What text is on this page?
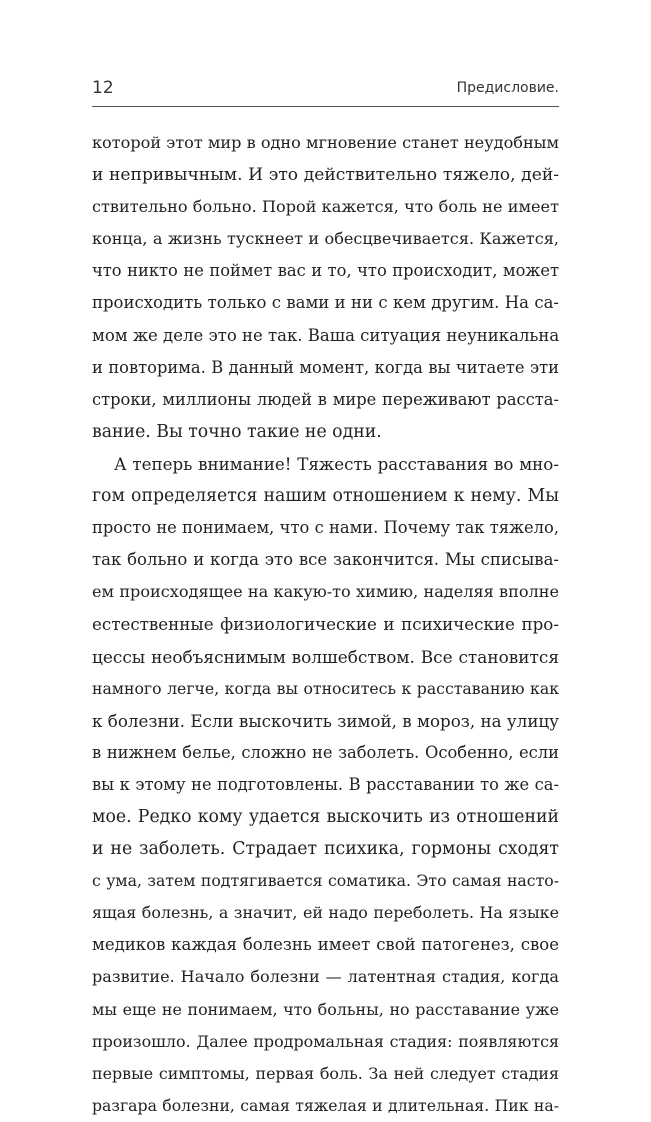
12	Предисловие.
которой этот мир в одно мгновение станет неудобным
и непривычным. И это действительно тяжело, дей-
ствительно больно. Порой кажется, что боль не имеет
конца, а жизнь тускнеет и обесцвечивается. Кажется,
что никто не поймет вас и то, что происходит, может
происходить только с вами и ни с кем другим. На са-
мом же деле это не так. Ваша ситуация неуникальна
и повторима. В данный момент, когда вы читаете эти
строки, миллионы людей в мире переживают расста-
вание. Вы точно такие не одни.
А теперь внимание! Тяжесть расставания во мно-
гом определяется нашим отношением к нему. Мы
просто не понимаем, что с нами. Почему так тяжело,
так больно и когда это все закончится. Мы списыва-
ем происходящее на какую-то химию, наделяя вполне
естественные физиологические и психические про-
цессы необъяснимым волшебством. Все становится
намного легче, когда вы относитесь к расставанию как
к болезни. Если выскочить зимой, в мороз, на улицу
в нижнем белье, сложно не заболеть. Особенно, если
вы к этому не подготовлены. В расставании то же са-
мое. Редко кому удается выскочить из отношений
и не заболеть. Страдает психика, гормоны сходят
с ума, затем подтягивается соматика. Это самая насто-
ящая болезнь, а значит, ей надо переболеть. На языке
медиков каждая болезнь имеет свой патогенез, свое
развитие. Начало болезни — латентная стадия, когда
мы еще не понимаем, что больны, но расставание уже
произошло. Далее продромальная стадия: появляются
первые симптомы, первая боль. За ней следует стадия
разгара болезни, самая тяжелая и длительная. Пик на-
